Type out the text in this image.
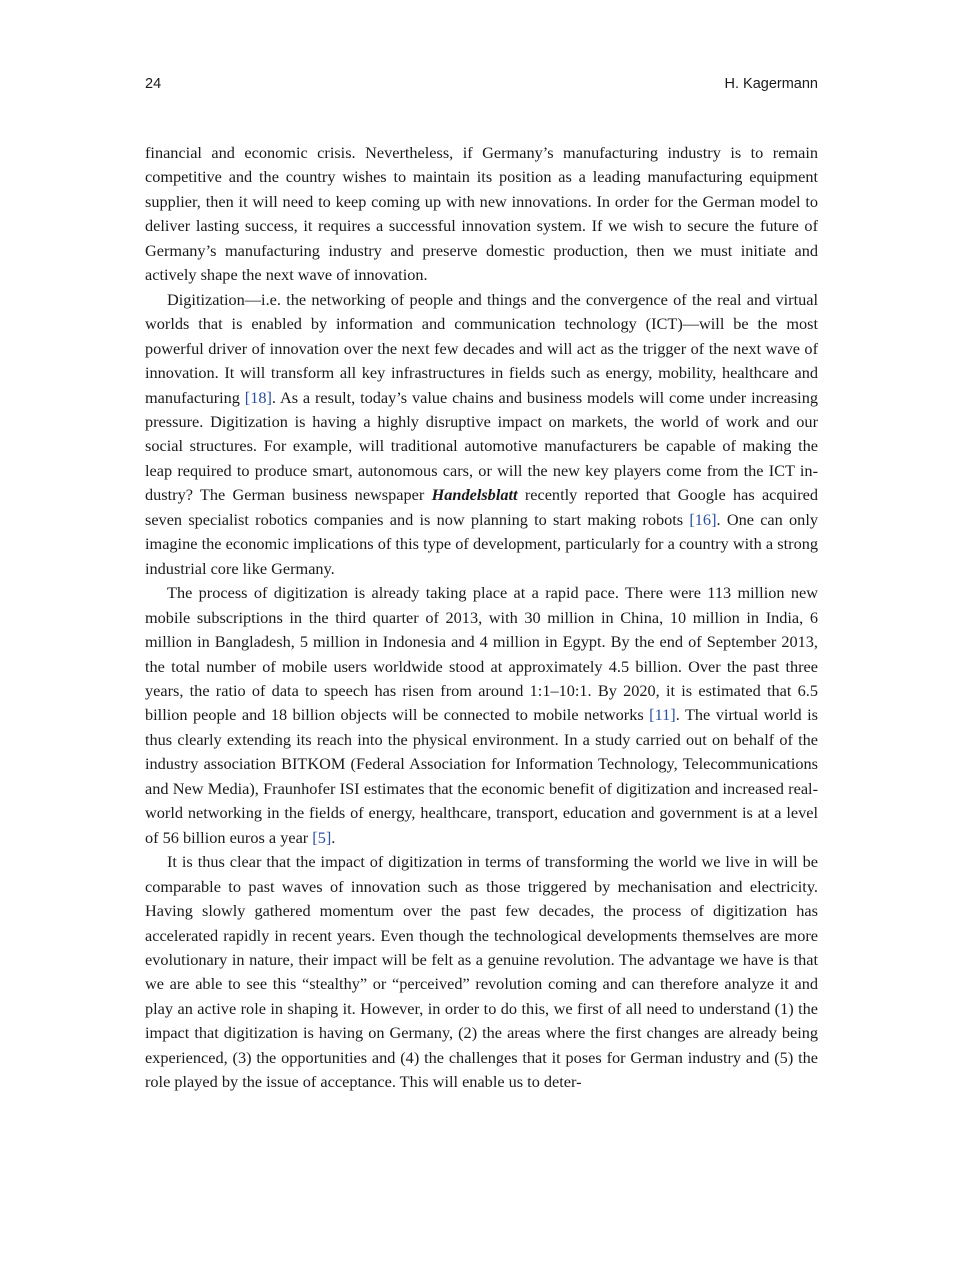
24	H. Kagermann

financial and economic crisis. Nevertheless, if Germany’s manufacturing industry is to remain competitive and the country wishes to maintain its position as a leading manufacturing equipment supplier, then it will need to keep coming up with new innovations. In order for the German model to deliver lasting success, it requires a successful innovation system. If we wish to secure the future of Germany’s manufacturing industry and preserve domestic production, then we must initiate and actively shape the next wave of innovation.

Digitization—i.e. the networking of people and things and the convergence of the real and virtual worlds that is enabled by information and communication technology (ICT)—will be the most powerful driver of innovation over the next few decades and will act as the trigger of the next wave of innovation. It will transform all key infrastructures in fields such as energy, mobility, healthcare and manufacturing [18]. As a result, today’s value chains and business models will come under increasing pressure. Digitization is having a highly disruptive impact on markets, the world of work and our social structures. For example, will traditional automotive manufacturers be capable of making the leap required to produce smart, autonomous cars, or will the new key players come from the ICT industry? The German business newspaper Handelsblatt recently reported that Google has acquired seven specialist robotics companies and is now planning to start making robots [16]. One can only imagine the economic implications of this type of development, particularly for a country with a strong industrial core like Germany.

The process of digitization is already taking place at a rapid pace. There were 113 million new mobile subscriptions in the third quarter of 2013, with 30 million in China, 10 million in India, 6 million in Bangladesh, 5 million in Indonesia and 4 million in Egypt. By the end of September 2013, the total number of mobile users worldwide stood at approximately 4.5 billion. Over the past three years, the ratio of data to speech has risen from around 1:1–10:1. By 2020, it is estimated that 6.5 billion people and 18 billion objects will be connected to mobile networks [11]. The virtual world is thus clearly extending its reach into the physical environment. In a study carried out on behalf of the industry association BITKOM (Federal Association for Information Technology, Telecommunications and New Media), Fraunhofer ISI estimates that the economic benefit of digitization and increased real-world networking in the fields of energy, healthcare, transport, education and government is at a level of 56 billion euros a year [5].

It is thus clear that the impact of digitization in terms of transforming the world we live in will be comparable to past waves of innovation such as those triggered by mechanisation and electricity. Having slowly gathered momentum over the past few decades, the process of digitization has accelerated rapidly in recent years. Even though the technological developments themselves are more evolutionary in nature, their impact will be felt as a genuine revolution. The advantage we have is that we are able to see this “stealthy” or “perceived” revolution coming and can therefore analyze it and play an active role in shaping it. However, in order to do this, we first of all need to understand (1) the impact that digitization is having on Germany, (2) the areas where the first changes are already being experienced, (3) the opportunities and (4) the challenges that it poses for German industry and (5) the role played by the issue of acceptance. This will enable us to deter-
